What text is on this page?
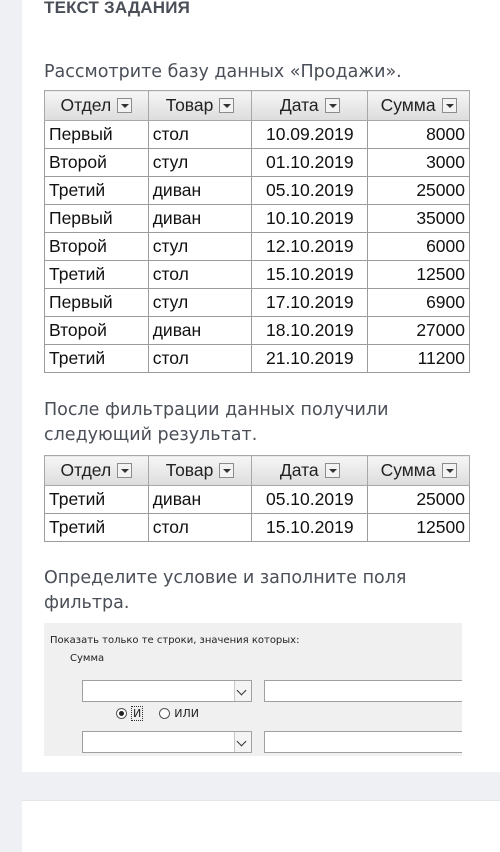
ТЕКСТ ЗАДАНИЯ
Рассмотрите базу данных «Продажи».
Отдел	Товар	Дата	Сумма

Первый	стол	10.09.2019	8000
Второй	стул	01.10.2019	3000
Третий	диван	05.10.2019	25000
Первый	диван	10.10.2019	35000
Второй	стул	12.10.2019	6000
Третий	стол	15.10.2019	12500
Первый	стул	17.10.2019	6900
Второй	диван	18.10.2019	27000
Третий	стол	21.10.2019	11200
После фильтрации данных получили следующий результат.
Отдел	Товар	Дата	Сумма

Третий	диван	05.10.2019	25000
Третий	стол	15.10.2019	12500
Определите условие и заполните поля фильтра.
Показать только те строки, значения которых:
Сумма
И	ИЛИ
